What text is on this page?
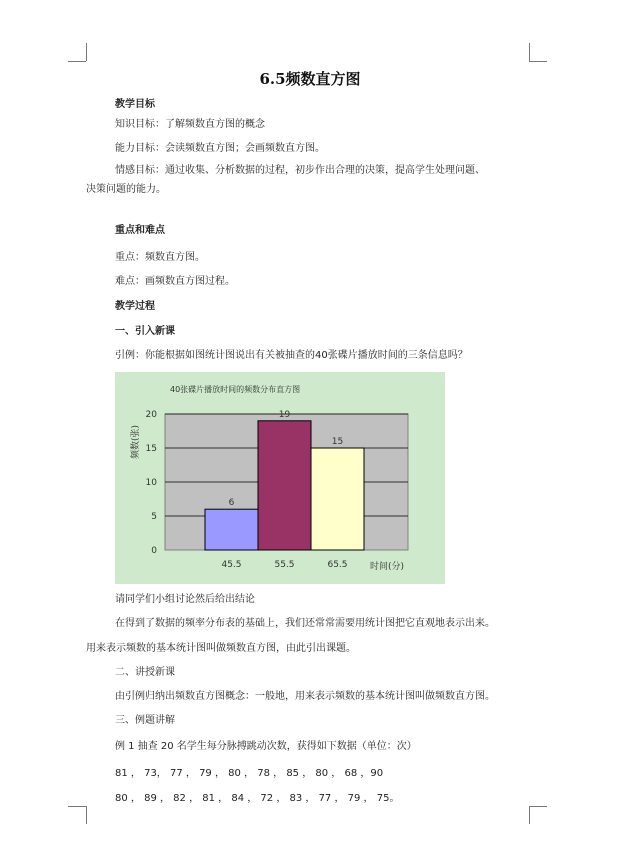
6.5频数直方图
教学目标
知识目标：了解频数直方图的概念
能力目标：会读频数直方图；会画频数直方图。
情感目标：通过收集、分析数据的过程，初步作出合理的决策，提高学生处理问题、
决策问题的能力。
重点和难点
重点：频数直方图。
难点：画频数直方图过程。
教学过程
一、引入新课
引例：你能根据如图统计图说出有关被抽查的40张碟片播放时间的三条信息吗？
40张碟片播放时间的频数分布直方图
0
5
10
15
20
6
45.5
19
55.5
15
65.5
频数(张)
时间(分)
请同学们小组讨论然后给出结论
在得到了数据的频率分布表的基础上，我们还常常需要用统计图把它直观地表示出来。
用来表示频数的基本统计图叫做频数直方图，由此引出课题。
二、讲授新课
由引例归纳出频数直方图概念：一般地，用来表示频数的基本统计图叫做频数直方图。
三、例题讲解
例 1 抽查 20 名学生每分脉搏跳动次数，获得如下数据（单位：次）
81 ， 73， 77 ， 79 ， 80 ， 78 ， 85 ， 80 ， 68 ，90
80 ， 89 ， 82 ， 81 ， 84 ， 72 ， 83 ， 77 ， 79 ， 75。
